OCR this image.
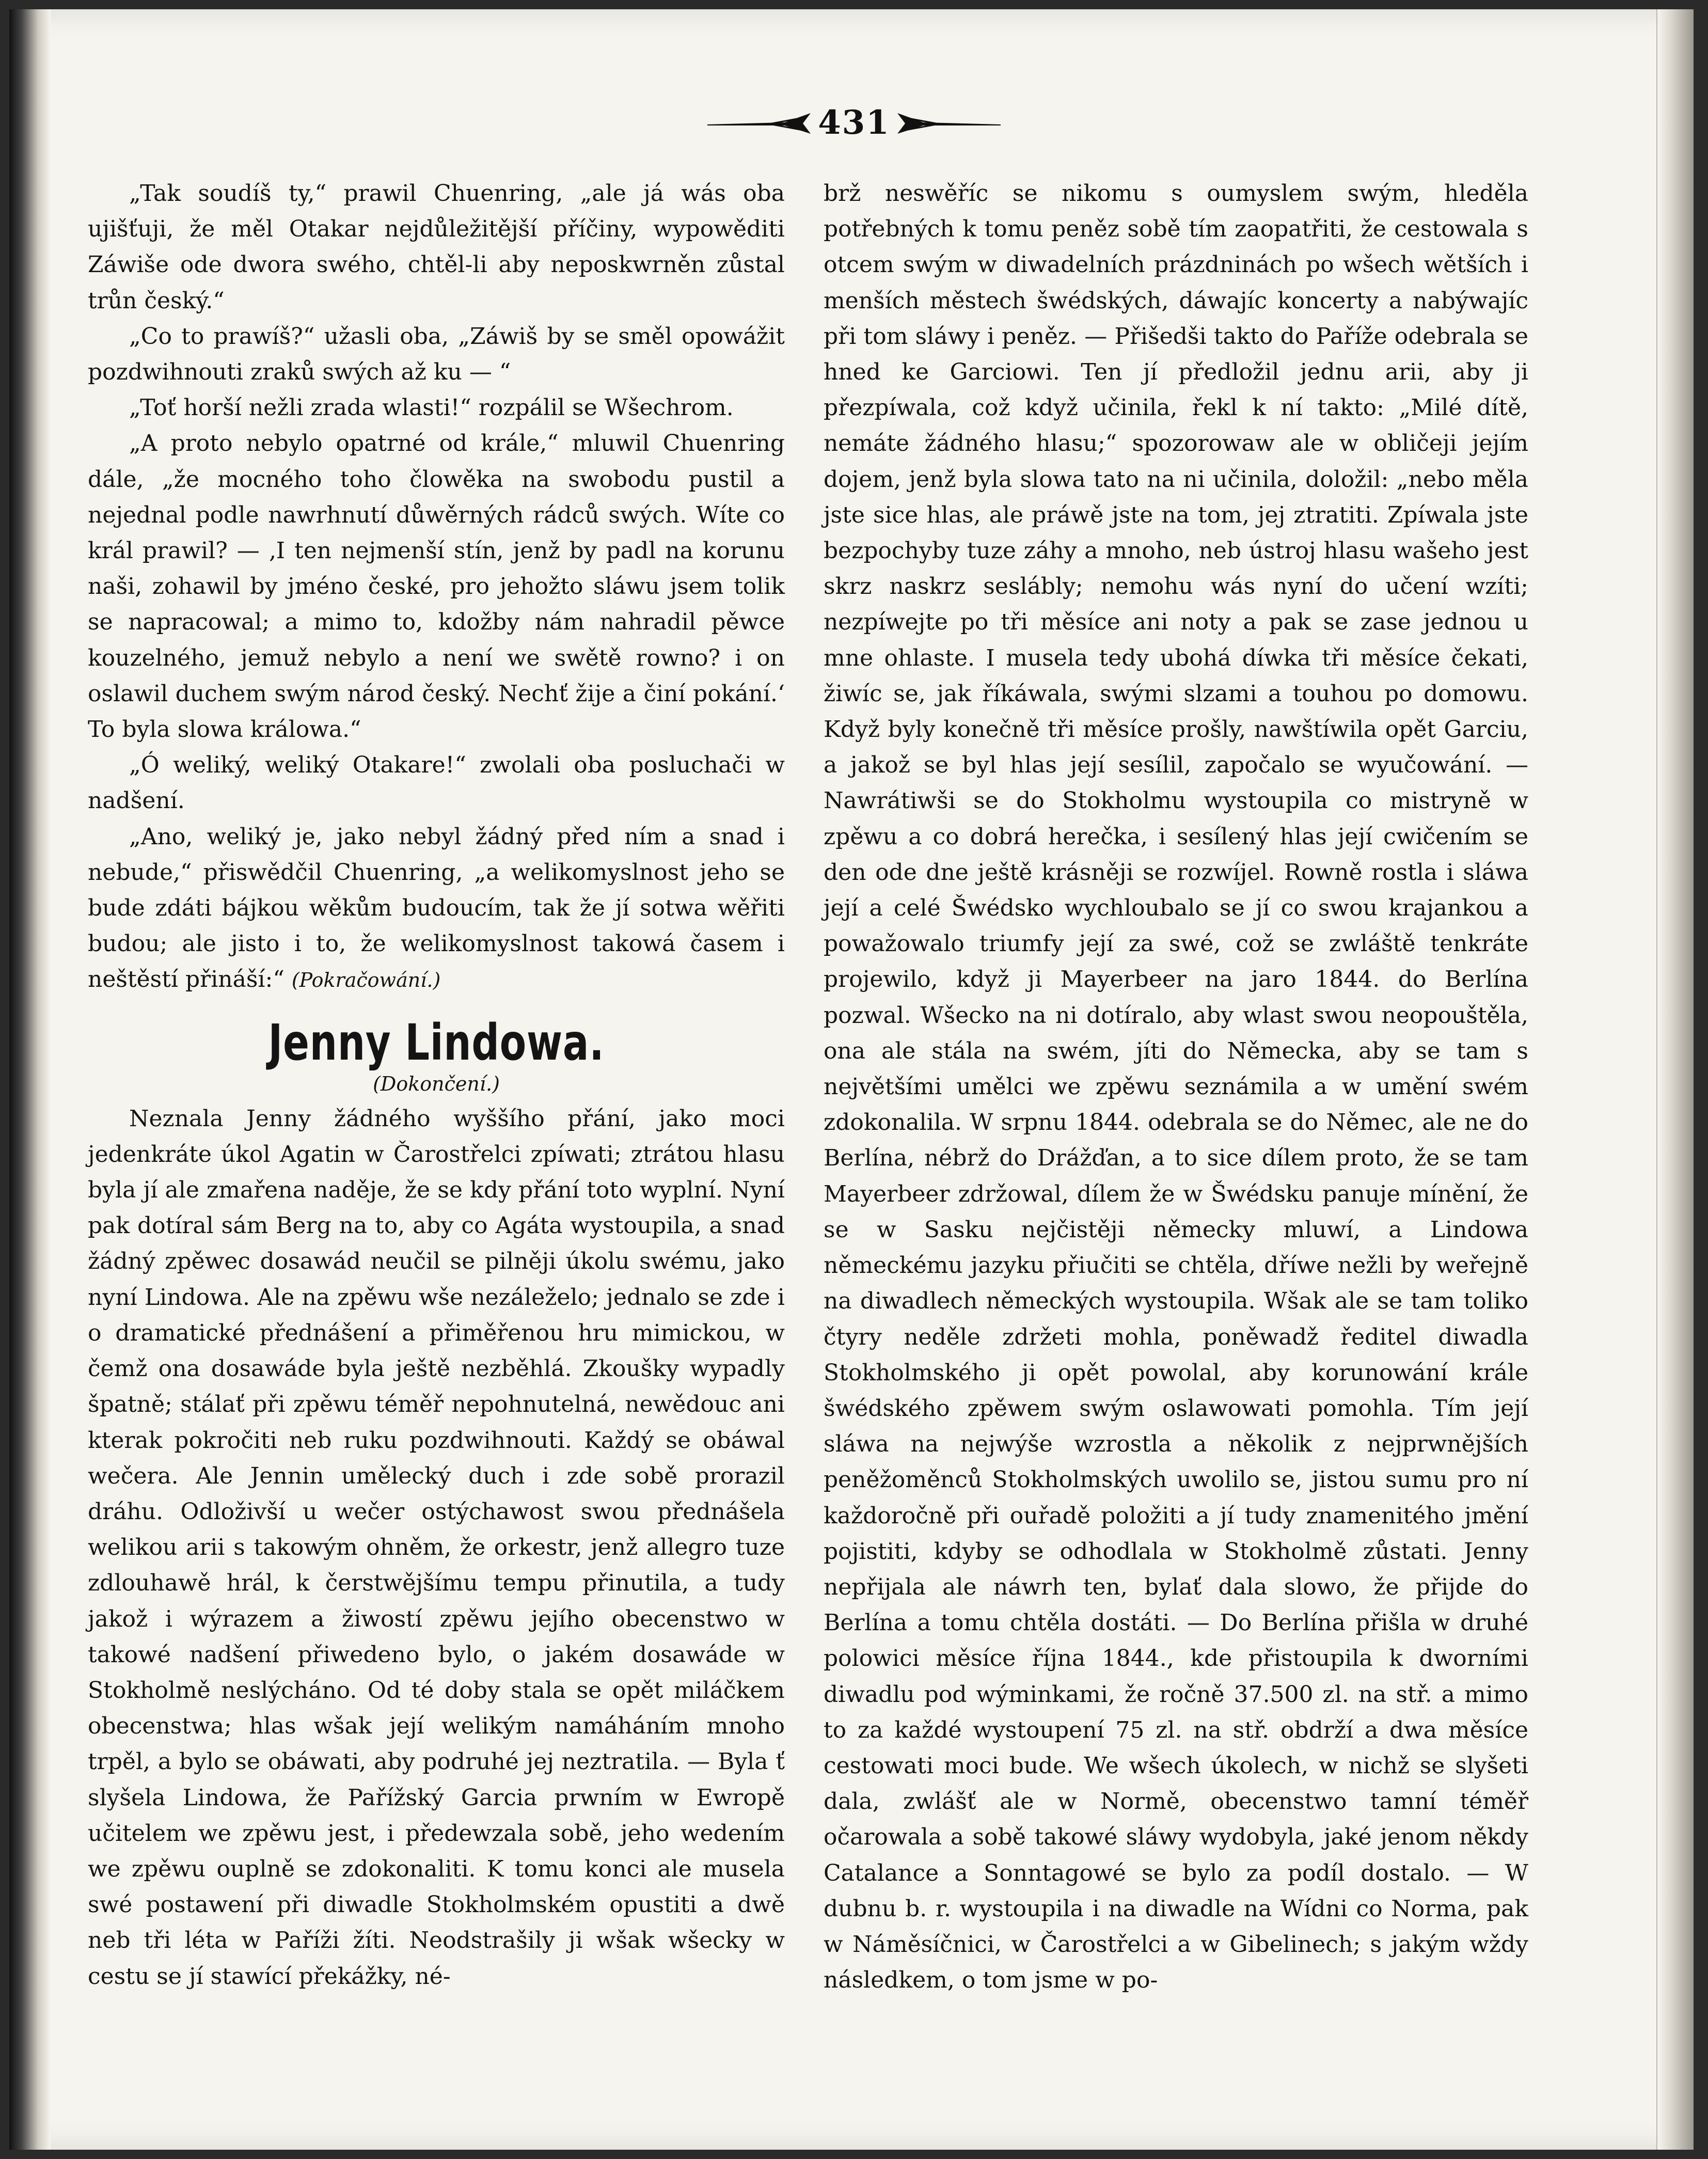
431

„Tak soudíš ty,“ prawil Chuenring, „ale já wás oba ujišťuji, že měl Otakar nejdůležitější příčiny, wypowěditi Záwiše ode dwora swého, chtěl-li aby neposkwrněn zůstal trůn český.“

„Co to prawíš?“ užasli oba, „Záwiš by se směl opowážit pozdwihnouti zraků swých až ku — “

„Toť horší nežli zrada wlasti!“ rozpálil se Wšechrom.

„A proto nebylo opatrné od krále,“ mluwil Chuenring dále, „že mocného toho člowěka na swobodu pustil a nejednal podle nawrhnutí důwěrných rádců swých. Wíte co král prawil? — ‚I ten nejmenší stín, jenž by padl na korunu naši, zohawil by jméno české, pro jehožto sláwu jsem tolik se napracowal; a mimo to, kdožby nám nahradil pěwce kouzelného, jemuž nebylo a není we swětě rowno? i on oslawil duchem swým národ český. Nechť žije a činí pokání.‘ To byla slowa králowa.“

„Ó weliký, weliký Otakare!“ zwolali oba posluchači w nadšení.

„Ano, weliký je, jako nebyl žádný před ním a snad i nebude,“ přiswědčil Chuenring, „a welikomyslnost jeho se bude zdáti bájkou wěkům budoucím, tak že jí sotwa wěřiti budou; ale jisto i to, že welikomyslnost takowá časem i neštěstí přináší:“ (Pokračowání.)

Jenny Lindowa.
(Dokončení.)

Neznala Jenny žádného wyššího přání, jako moci jedenkráte úkol Agatin w Čarostřelci zpíwati; ztrátou hlasu byla jí ale zmařena naděje, že se kdy přání toto wyplní. Nyní pak dotíral sám Berg na to, aby co Agáta wystoupila, a snad žádný zpěwec dosawád neučil se pilněji úkolu swému, jako nyní Lindowa. Ale na zpěwu wše nezáleželo; jednalo se zde i o dramatické přednášení a přiměřenou hru mimickou, w čemž ona dosawáde byla ještě nezběhlá. Zkoušky wypadly špatně; stálať při zpěwu téměř nepohnutelná, newědouc ani kterak pokročiti neb ruku pozdwihnouti. Každý se obáwal wečera. Ale Jennin umělecký duch i zde sobě prorazil dráhu. Odloživší u wečer ostýchawost swou přednášela welikou arii s takowým ohněm, že orkestr, jenž allegro tuze zdlouhawě hrál, k čerstwějšímu tempu přinutila, a tudy jakož i wýrazem a žiwostí zpěwu jejího obecenstwo w takowé nadšení přiwedeno bylo, o jakém dosawáde w Stokholmě neslýcháno. Od té doby stala se opět miláčkem obecenstwa; hlas wšak její welikým namáháním mnoho trpěl, a bylo se obáwati, aby podruhé jej neztratila. — Byla ť slyšela Lindowa, že Pařížský Garcia prwním w Ewropě učitelem we zpěwu jest, i předewzala sobě, jeho wedením we zpěwu ouplně se zdokonaliti. K tomu konci ale musela swé postawení při diwadle Stokholmském opustiti a dwě neb tři léta w Paříži žíti. Neodstrašily ji wšak wšecky w cestu se jí stawící překážky, né-

brž neswěříc se nikomu s oumyslem swým, hleděla potřebných k tomu peněz sobě tím zaopatřiti, že cestowala s otcem swým w diwadelních prázdninách po wšech wětších i menších městech šwédských, dáwajíc koncerty a nabýwajíc při tom sláwy i peněz. — Přišedši takto do Paříže odebrala se hned ke Garciowi. Ten jí předložil jednu arii, aby ji přezpíwala, což když učinila, řekl k ní takto: „Milé dítě, nemáte žádného hlasu;“ spozorowaw ale w obličeji jejím dojem, jenž byla slowa tato na ni učinila, doložil: „nebo měla jste sice hlas, ale práwě jste na tom, jej ztratiti. Zpíwala jste bezpochyby tuze záhy a mnoho, neb ústroj hlasu wašeho jest skrz naskrz seslábly; nemohu wás nyní do učení wzíti; nezpíwejte po tři měsíce ani noty a pak se zase jednou u mne ohlaste. I musela tedy ubohá díwka tři měsíce čekati, žiwíc se, jak říkáwala, swými slzami a touhou po domowu. Když byly konečně tři měsíce prošly, nawštíwila opět Garciu, a jakož se byl hlas její sesílil, započalo se wyučowání. — Nawrátiwši se do Stokholmu wystoupila co mistryně w zpěwu a co dobrá herečka, i sesílený hlas její cwičením se den ode dne ještě krásněji se rozwíjel. Rowně rostla i sláwa její a celé Šwédsko wychloubalo se jí co swou krajankou a powažowalo triumfy její za swé, což se zwláště tenkráte projewilo, když ji Mayerbeer na jaro 1844. do Berlína pozwal. Wšecko na ni dotíralo, aby wlast swou neopouštěla, ona ale stála na swém, jíti do Německa, aby se tam s největšími umělci we zpěwu seznámila a w umění swém zdokonalila. W srpnu 1844. odebrala se do Němec, ale ne do Berlína, nébrž do Drážďan, a to sice dílem proto, že se tam Mayerbeer zdržowal, dílem že w Šwédsku panuje mínění, že se w Sasku nejčistěji německy mluwí, a Lindowa německému jazyku přiučiti se chtěla, dříwe nežli by weřejně na diwadlech německých wystoupila. Wšak ale se tam toliko čtyry neděle zdržeti mohla, poněwadž ředitel diwadla Stokholmského ji opět powolal, aby korunowání krále šwédského zpěwem swým oslawowati pomohla. Tím její sláwa na nejwýše wzrostla a několik z nejprwnějších peněžoměnců Stokholmských uwolilo se, jistou sumu pro ní každoročně při ouřadě položiti a jí tudy znamenitého jmění pojistiti, kdyby se odhodlala w Stokholmě zůstati. Jenny nepřijala ale náwrh ten, bylať dala slowo, že přijde do Berlína a tomu chtěla dostáti. — Do Berlína přišla w druhé polowici měsíce října 1844., kde přistoupila k dworními diwadlu pod wýminkami, že ročně 37.500 zl. na stř. a mimo to za každé wystoupení 75 zl. na stř. obdrží a dwa měsíce cestowati moci bude. We wšech úkolech, w nichž se slyšeti dala, zwlášť ale w Normě, obecenstwo tamní téměř očarowala a sobě takowé sláwy wydobyla, jaké jenom někdy Catalance a Sonntagowé se bylo za podíl dostalo. — W dubnu b. r. wystoupila i na diwadle na Wídni co Norma, pak w Náměsíčnici, w Čarostřelci a w Gibelinech; s jakým wždy následkem, o tom jsme w po-
